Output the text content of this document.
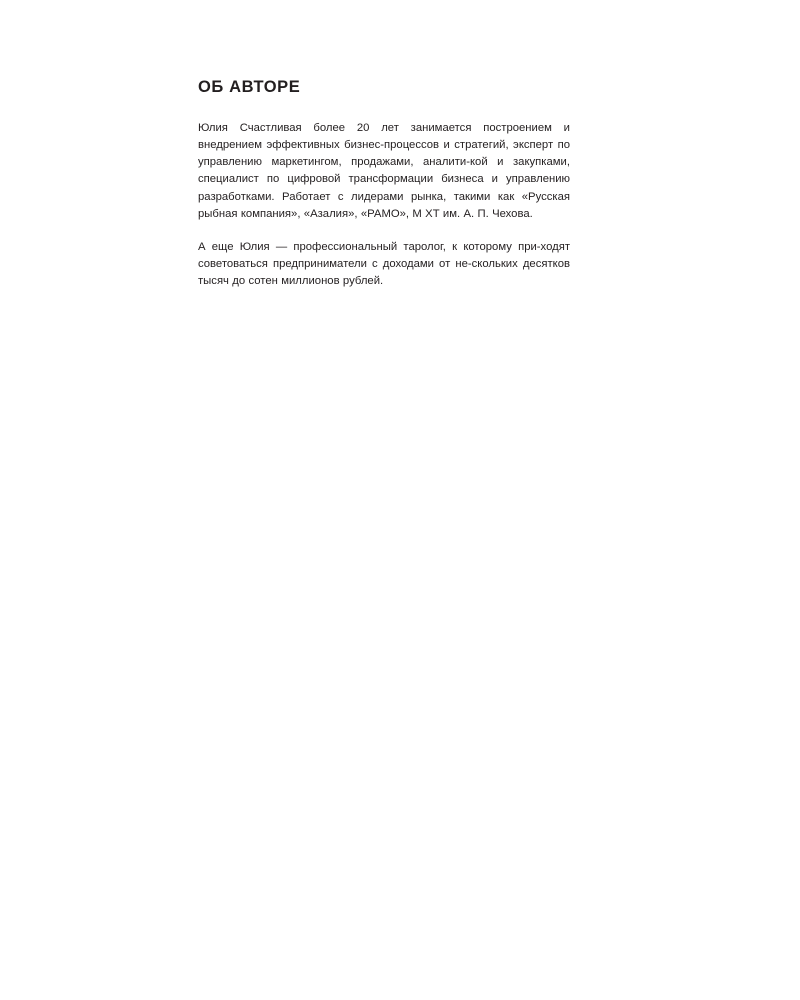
ОБ АВТОРЕ

Юлия Счастливая более 20 лет занимается построением и внедрением эффективных бизнес-процессов и стратегий, эксперт по управлению маркетингом, продажами, аналити-кой и закупками, специалист по цифровой трансформации бизнеса и управлению разработками. Работает с лидерами рынка, такими как «Русская рыбная компания», «Азалия», «РАМО», М ХТ им. А. П. Чехова.

А еще Юлия — профессиональный таролог, к которому при-ходят советоваться предприниматели с доходами от не-скольких десятков тысяч до сотен миллионов рублей.
